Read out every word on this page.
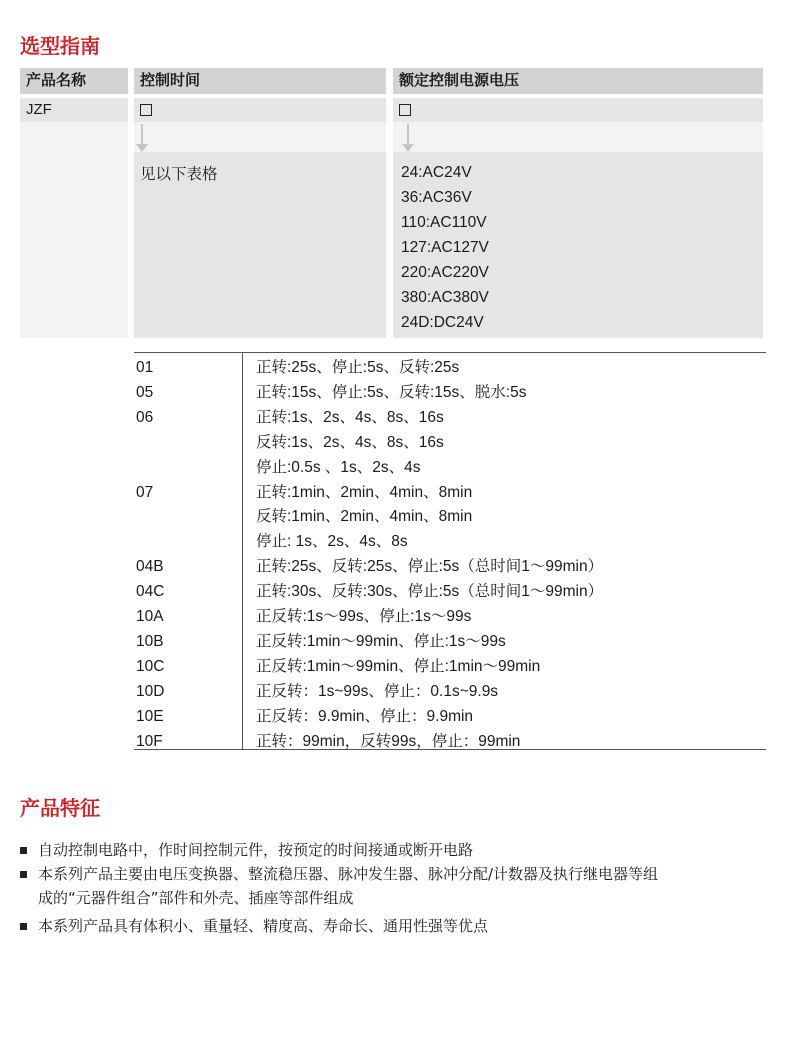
选型指南
产品名称	控制时间	额定控制电源电压
JZF
见以下表格	24:AC24V
36:AC36V
110:AC110V
127:AC127V
220:AC220V
380:AC380V
24D:DC24V
01	正转:25s、停止:5s、反转:25s
05	正转:15s、停止:5s、反转:15s、脱水:5s
06	正转:1s、2s、4s、8s、16s
反转:1s、2s、4s、8s、16s
停止:0.5s 、1s、2s、4s
07	正转:1min、2min、4min、8min
反转:1min、2min、4min、8min
停止: 1s、2s、4s、8s
04B	正转:25s、反转:25s、停止:5s（总时间1～99min）
04C	正转:30s、反转:30s、停止:5s（总时间1～99min）
10A	正反转:1s～99s、停止:1s～99s
10B	正反转:1min～99min、停止:1s～99s
10C	正反转:1min～99min、停止:1min～99min
10D	正反转：1s~99s、停止：0.1s~9.9s
10E	正反转：9.9min、停止：9.9min
10F	正转：99min，反转99s，停止：99min
产品特征
自动控制电路中，作时间控制元件，按预定的时间接通或断开电路
本系列产品主要由电压变换器、整流稳压器、脉冲发生器、脉冲分配/计数器及执行继电器等组
成的“元器件组合”部件和外壳、插座等部件组成
本系列产品具有体积小、重量轻、精度高、寿命长、通用性强等优点
